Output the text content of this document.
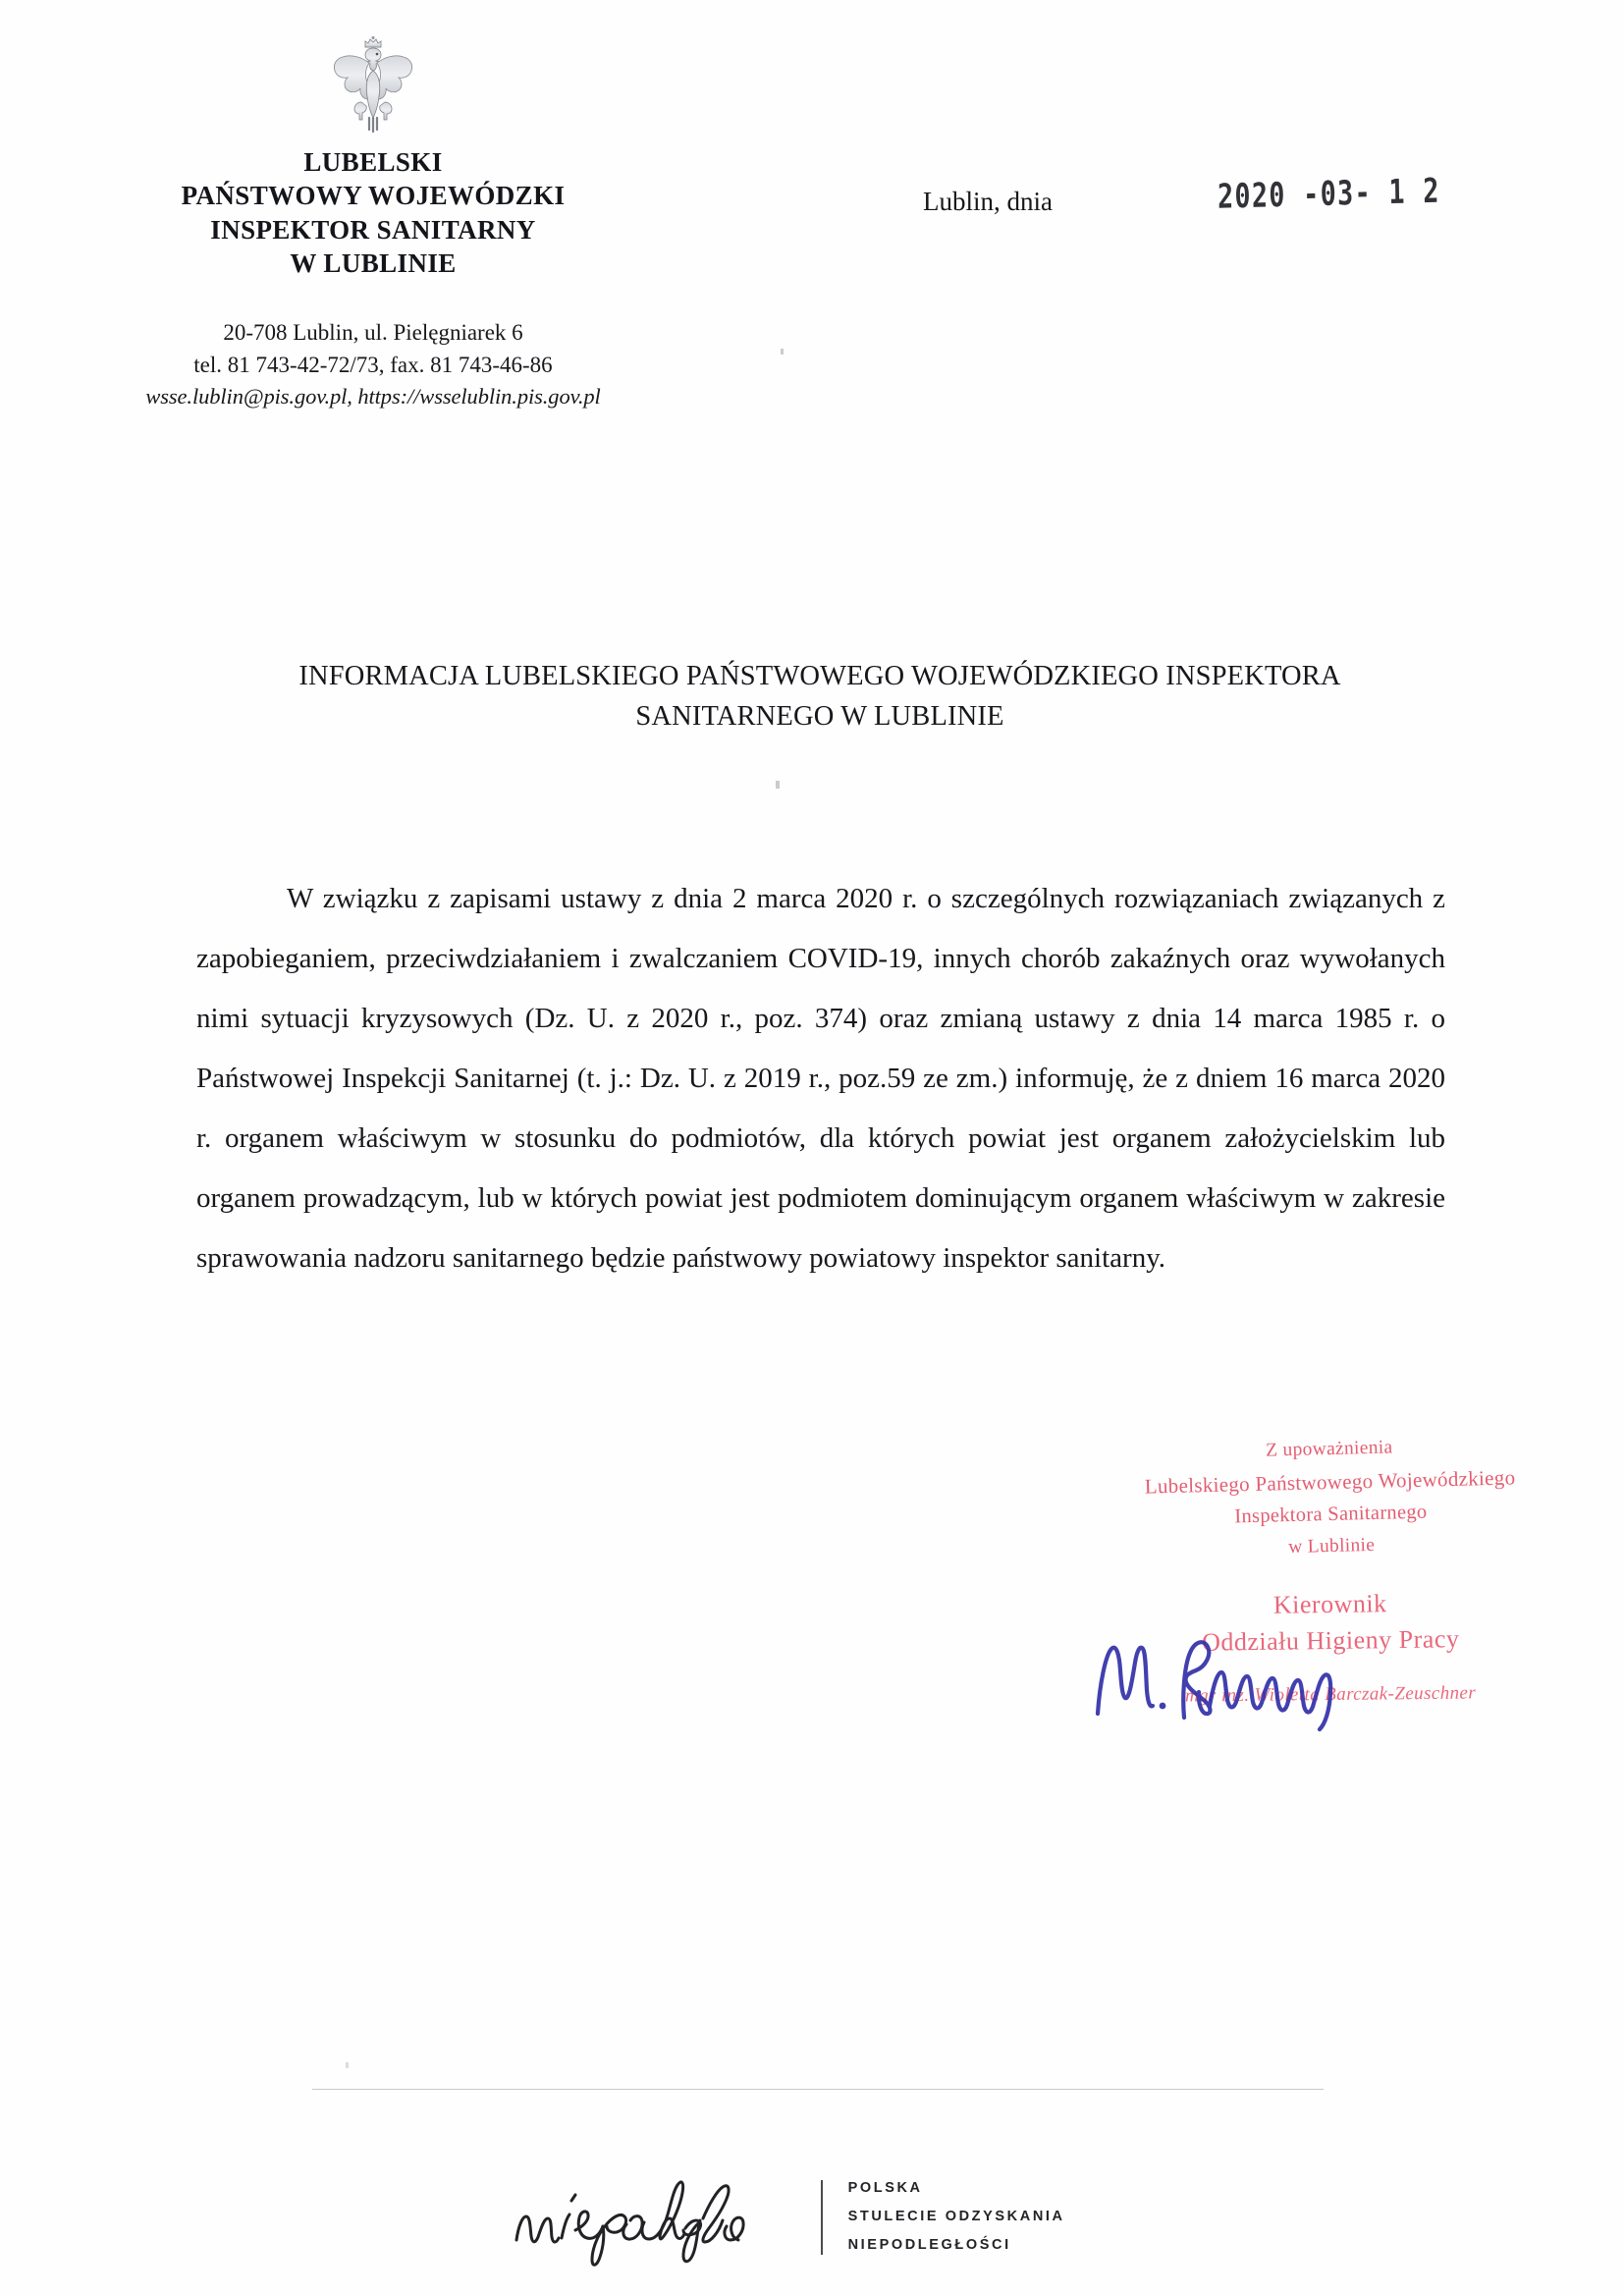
LUBELSKI
PAŃSTWOWY WOJEWÓDZKI
INSPEKTOR SANITARNY
W LUBLINIE
20-708 Lublin, ul. Pielęgniarek 6
tel. 81 743-42-72/73, fax. 81 743-46-86
wsse.lublin@pis.gov.pl, https://wsselublin.pis.gov.pl
Lublin, dnia	2020 -03- 1 2
INFORMACJA LUBELSKIEGO PAŃSTWOWEGO WOJEWÓDZKIEGO INSPEKTORA
SANITARNEGO W LUBLINIE

W związku z zapisami ustawy z dnia 2 marca 2020 r. o szczególnych rozwiązaniach związanych z zapobieganiem, przeciwdziałaniem i zwalczaniem COVID-19, innych chorób zakaźnych oraz wywołanych nimi sytuacji kryzysowych (Dz. U. z 2020 r., poz. 374) oraz zmianą ustawy z dnia 14 marca 1985 r. o Państwowej Inspekcji Sanitarnej (t. j.: Dz. U. z 2019 r., poz.59 ze zm.) informuję, że z dniem 16 marca 2020 r. organem właściwym w stosunku do podmiotów, dla których powiat jest organem założycielskim lub organem prowadzącym, lub w których powiat jest podmiotem dominującym organem właściwym w zakresie sprawowania nadzoru sanitarnego będzie państwowy powiatowy inspektor sanitarny.

Z upoważnienia
Lubelskiego Państwowego Wojewódzkiego
Inspektora Sanitarnego
w Lublinie
Kierownik
Oddziału Higieny Pracy
mgr inż. Wioletta Barczak-Zeuschner
POLSKA
STULECIE ODZYSKANIA
NIEPODLEGŁOŚCI
